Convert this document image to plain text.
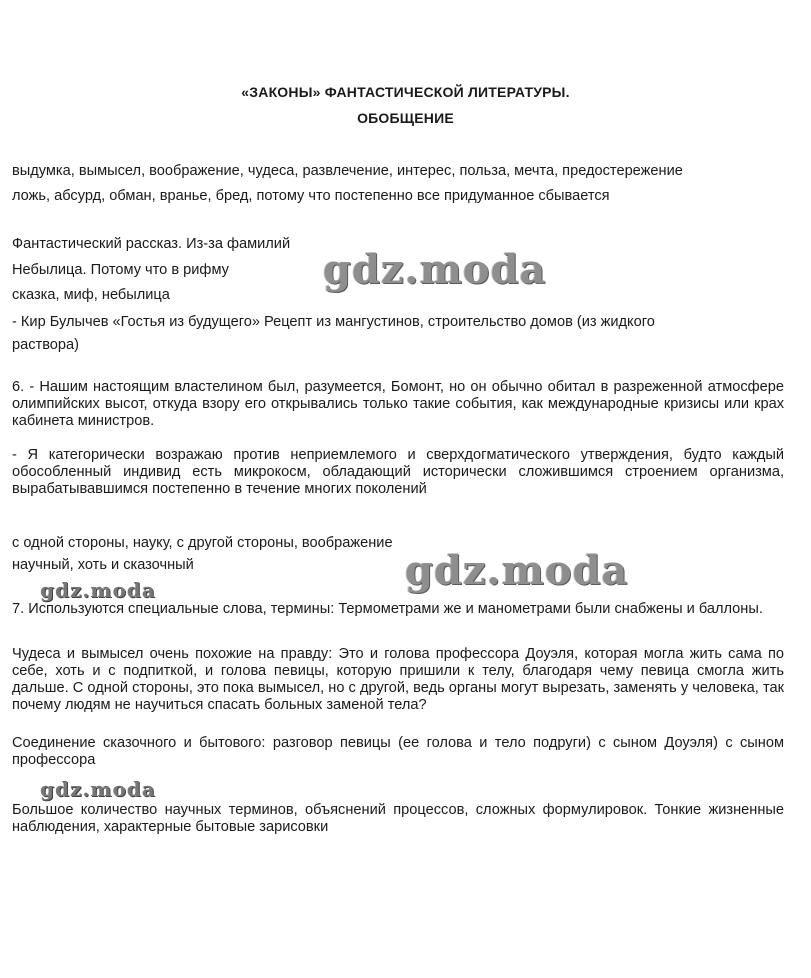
«ЗАКОНЫ» ФАНТАСТИЧЕСКОЙ ЛИТЕРАТУРЫ.
ОБОБЩЕНИЕ
выдумка, вымысел, воображение, чудеса, развлечение, интерес, польза, мечта, предостережение
ложь, абсурд, обман, вранье, бред, потому что постепенно все придуманное сбывается
Фантастический рассказ. Из-за фамилий
Небылица. Потому что в рифму
сказка, миф, небылица
- Кир Булычев «Гостья из будущего» Рецепт из мангустинов, строительство домов (из жидкого
раствора)
6. - Нашим настоящим властелином был, разумеется, Бомонт, но он обычно обитал в разреженной атмосфере олимпийских высот, откуда взору его открывались только такие события, как международные кризисы или крах кабинета министров.
- Я категорически возражаю против неприемлемого и сверхдогматического утверждения, будто каждый обособленный индивид есть микрокосм, обладающий исторически сложившимся строением организма, вырабатывавшимся постепенно в течение многих поколений
с одной стороны, науку, с другой стороны, воображение
научный, хоть и сказочный
7. Используются специальные слова, термины: Термометрами же и манометрами были снабжены и баллоны.
Чудеса и вымысел очень похожие на правду: Это и голова профессора Доуэля, которая могла жить сама по себе, хоть и с подпиткой, и голова певицы, которую пришили к телу, благодаря чему певица смогла жить дальше. С одной стороны, это пока вымысел, но с другой, ведь органы могут вырезать, заменять у человека, так почему людям не научиться спасать больных заменой тела?
Соединение сказочного и бытового: разговор певицы (ее голова и тело подруги) с сыном Доуэля) с сыном профессора
Большое количество научных терминов, объяснений процессов, сложных формулировок. Тонкие жизненные наблюдения, характерные бытовые зарисовки
gdz.moda
gdz.moda
gdz.moda
gdz.moda
